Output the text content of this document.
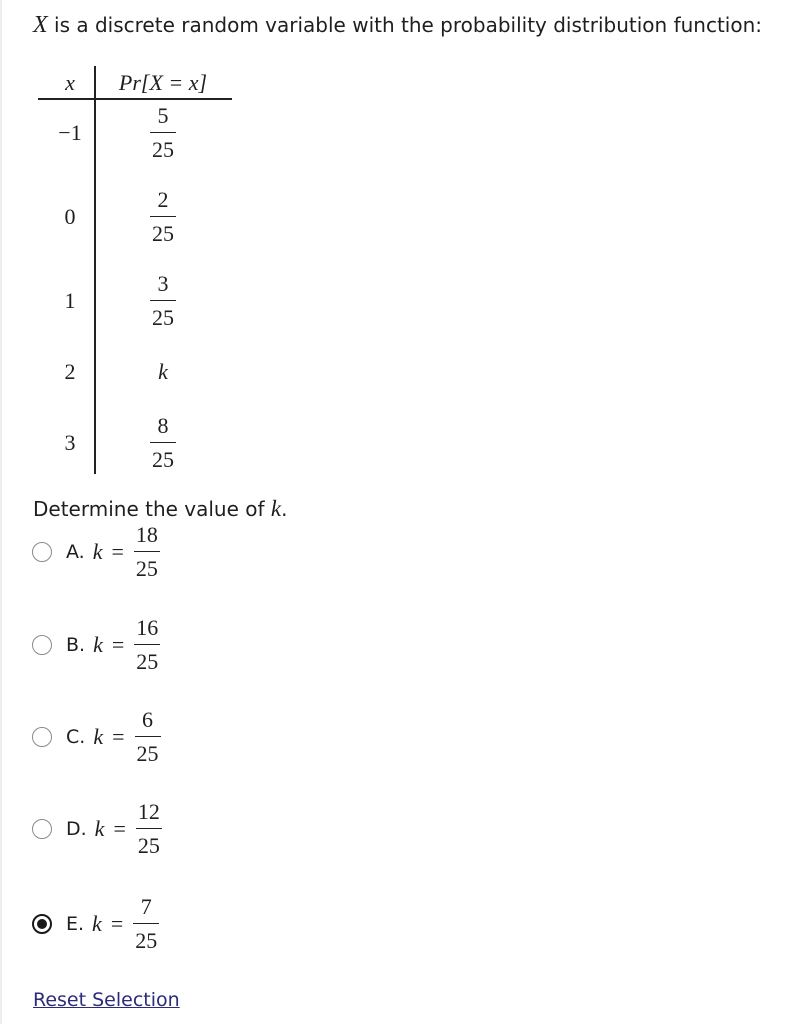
X is a discrete random variable with the probability distribution function:
x	Pr[X = x]
−1	$\frac{5}{25}$
0	$\frac{2}{25}$
1	$\frac{3}{25}$
2	k
3	$\frac{8}{25}$
Determine the value of k.
A. $k = \frac{18}{25}$
B. $k = \frac{16}{25}$
C. $k = \frac{6}{25}$
D. $k = \frac{12}{25}$
E. $k = \frac{7}{25}$
Reset Selection
